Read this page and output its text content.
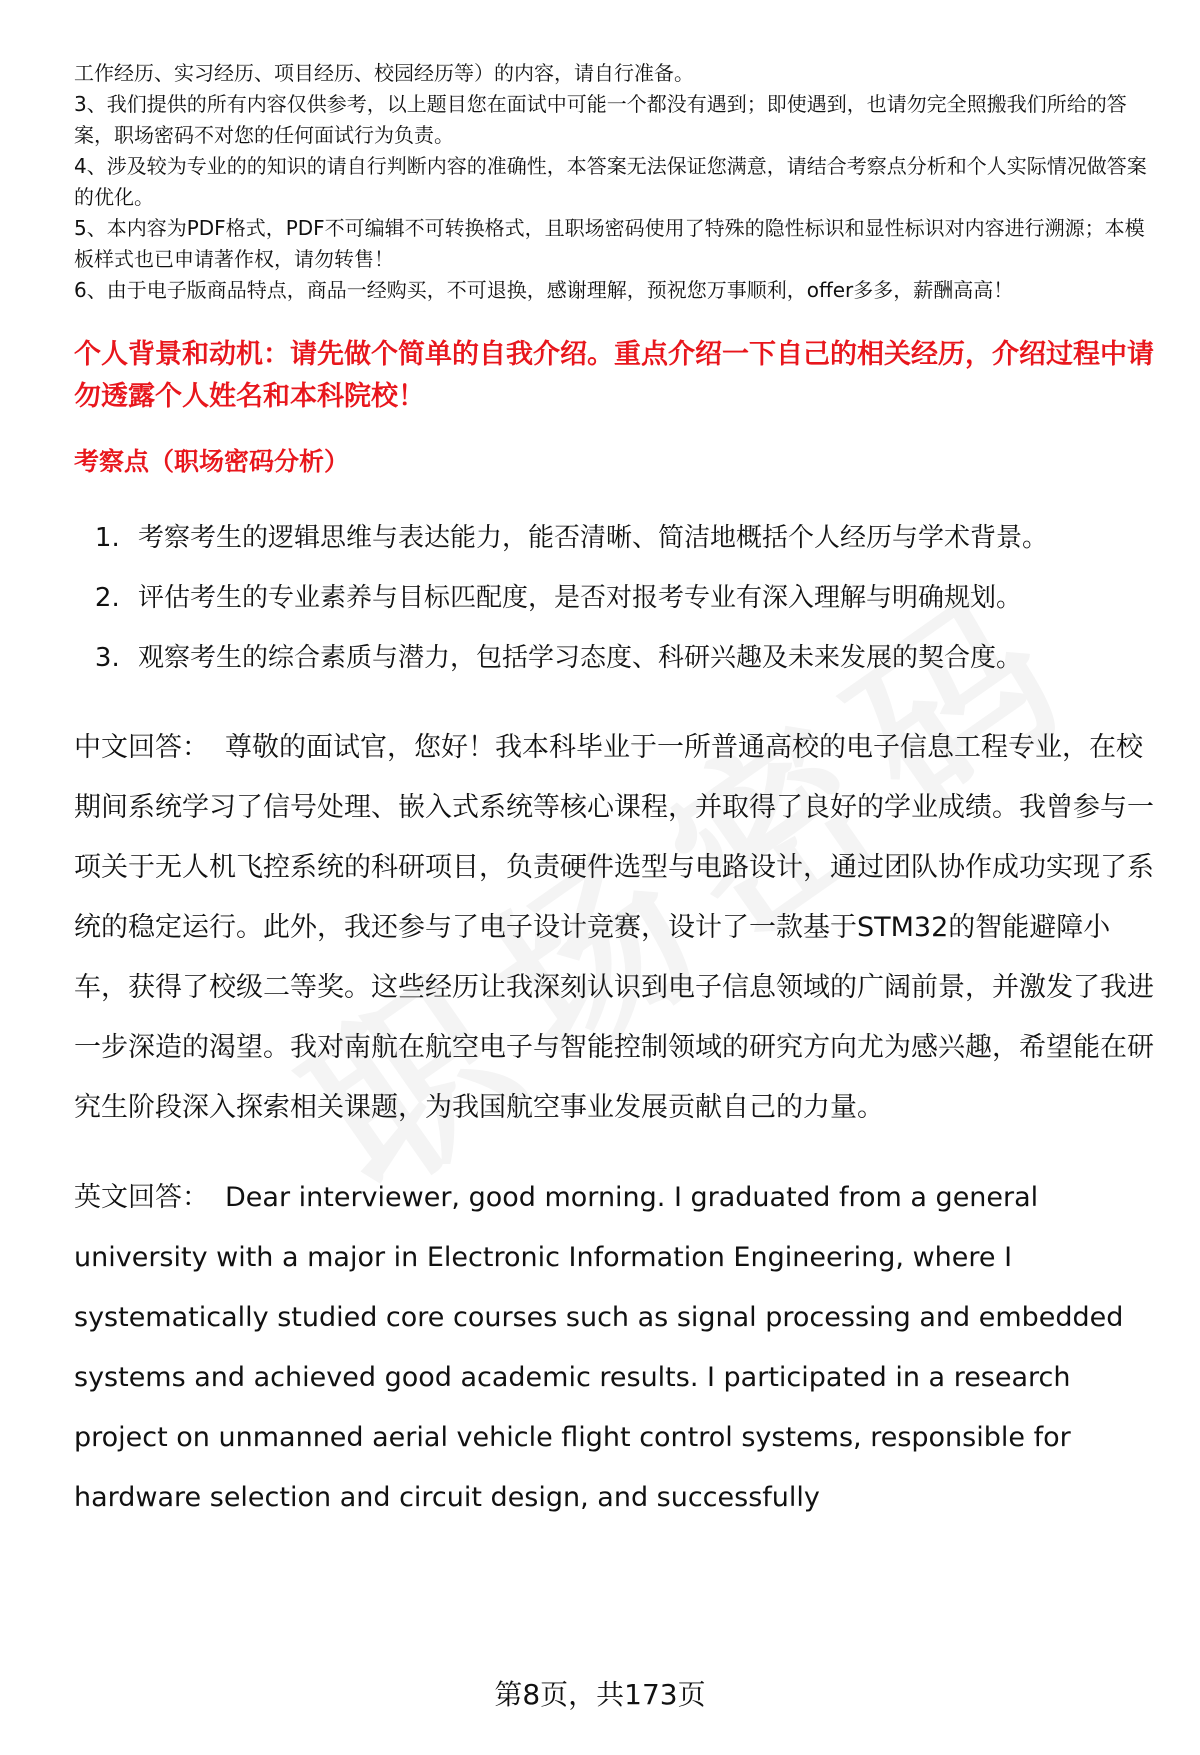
工作经历、实习经历、项目经历、校园经历等）的内容，请自行准备。

3、我们提供的所有内容仅供参考，以上题目您在面试中可能一个都没有遇到；即使遇到，也请勿完全照搬我们所给的答案，职场密码不对您的任何面试行为负责。

4、涉及较为专业的的知识的请自行判断内容的准确性，本答案无法保证您满意，请结合考察点分析和个人实际情况做答案的优化。

5、本内容为PDF格式，PDF不可编辑不可转换格式，且职场密码使用了特殊的隐性标识和显性标识对内容进行溯源；本模板样式也已申请著作权，请勿转售！

6、由于电子版商品特点，商品一经购买，不可退换，感谢理解，预祝您万事顺利，offer多多，薪酬高高！

个人背景和动机：请先做个简单的自我介绍。重点介绍一下自己的相关经历，介绍过程中请勿透露个人姓名和本科院校！

考察点（职场密码分析）

1. 考察考生的逻辑思维与表达能力，能否清晰、简洁地概括个人经历与学术背景。
2. 评估考生的专业素养与目标匹配度，是否对报考专业有深入理解与明确规划。
3. 观察考生的综合素质与潜力，包括学习态度、科研兴趣及未来发展的契合度。

中文回答： 尊敬的面试官，您好！我本科毕业于一所普通高校的电子信息工程专业，在校期间系统学习了信号处理、嵌入式系统等核心课程，并取得了良好的学业成绩。我曾参与一项关于无人机飞控系统的科研项目，负责硬件选型与电路设计，通过团队协作成功实现了系统的稳定运行。此外，我还参与了电子设计竞赛，设计了一款基于STM32的智能避障小车，获得了校级二等奖。这些经历让我深刻认识到电子信息领域的广阔前景，并激发了我进一步深造的渴望。我对南航在航空电子与智能控制领域的研究方向尤为感兴趣，希望能在研究生阶段深入探索相关课题，为我国航空事业发展贡献自己的力量。

英文回答： Dear interviewer, good morning. I graduated from a general university with a major in Electronic Information Engineering, where I systematically studied core courses such as signal processing and embedded systems and achieved good academic results. I participated in a research project on unmanned aerial vehicle flight control systems, responsible for hardware selection and circuit design, and successfully

第8页，共173页
